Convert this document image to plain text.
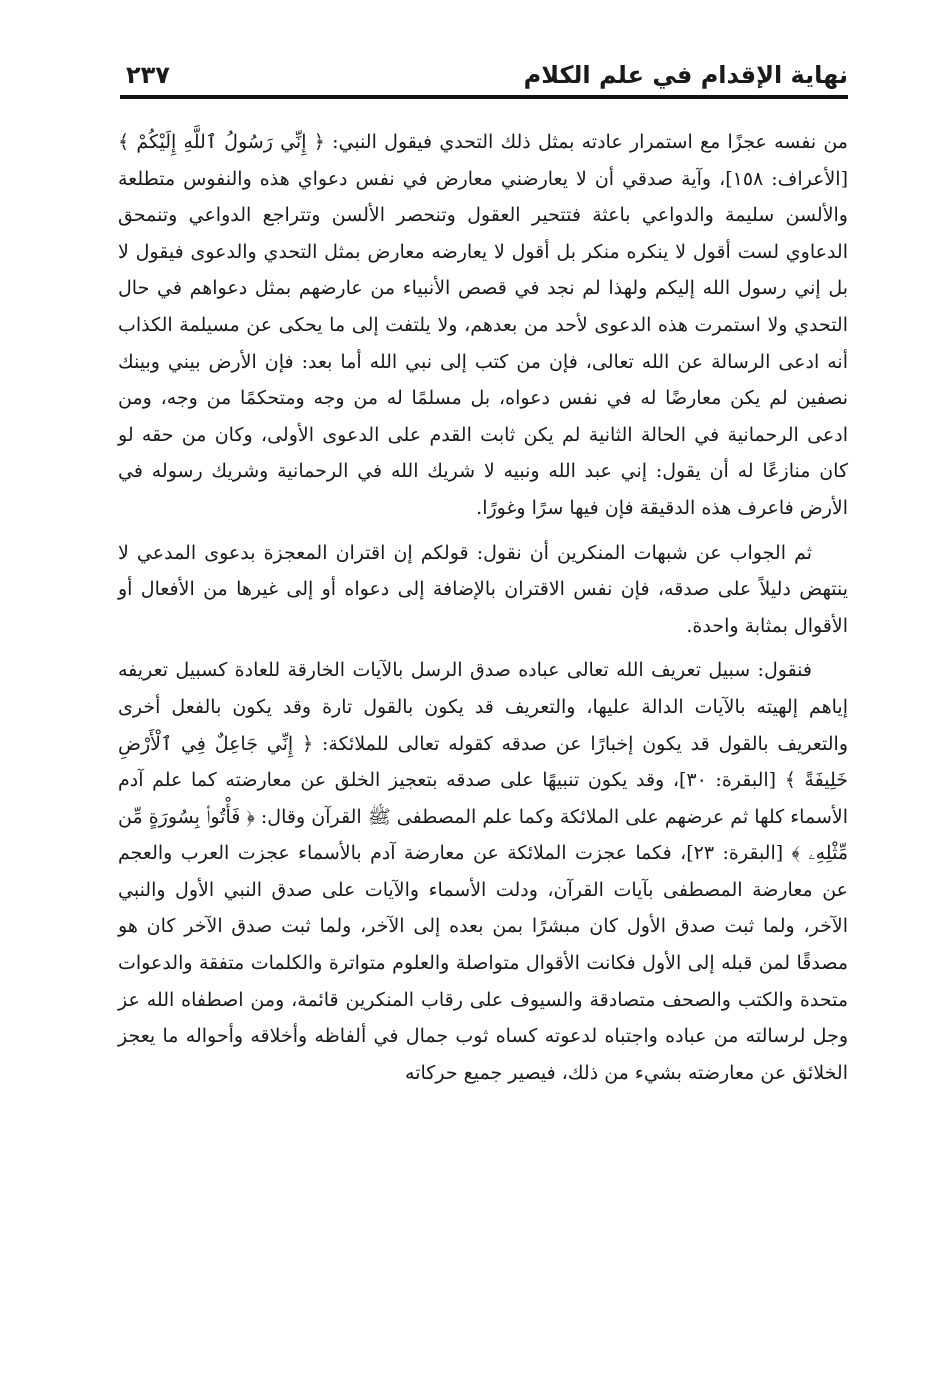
نهاية الإقدام في علم الكلام
٢٣٧

من نفسه عجزًا مع استمرار عادته بمثل ذلك التحدي فيقول النبي: ﴿ إِنِّي رَسُولُ ٱللَّهِ إِلَيْكُمْ ﴾ [الأعراف: ١٥٨]، وآية صدقي أن لا يعارضني معارض في نفس دعواي هذه والنفوس متطلعة والألسن سليمة والدواعي باعثة فتتحير العقول وتنحصر الألسن وتتراجع الدواعي وتنمحق الدعاوي لست أقول لا ينكره منكر بل أقول لا يعارضه معارض بمثل التحدي والدعوى فيقول لا بل إني رسول الله إليكم ولهذا لم نجد في قصص الأنبياء من عارضهم بمثل دعواهم في حال التحدي ولا استمرت هذه الدعوى لأحد من بعدهم، ولا يلتفت إلى ما يحكى عن مسيلمة الكذاب أنه ادعى الرسالة عن الله تعالى، فإن من كتب إلى نبي الله أما بعد: فإن الأرض بيني وبينك نصفين لم يكن معارضًا له في نفس دعواه، بل مسلمًا له من وجه ومتحكمًا من وجه، ومن ادعى الرحمانية في الحالة الثانية لم يكن ثابت القدم على الدعوى الأولى، وكان من حقه لو كان منازعًا له أن يقول: إني عبد الله ونبيه لا شريك الله في الرحمانية وشريك رسوله في الأرض فاعرف هذه الدقيقة فإن فيها سرًا وغورًا.

ثم الجواب عن شبهات المنكرين أن نقول: قولكم إن اقتران المعجزة بدعوى المدعي لا ينتهض دليلاً على صدقه، فإن نفس الاقتران بالإضافة إلى دعواه أو إلى غيرها من الأفعال أو الأقوال بمثابة واحدة.

فنقول: سبيل تعريف الله تعالى عباده صدق الرسل بالآيات الخارقة للعادة كسبيل تعريفه إياهم إلهيته بالآيات الدالة عليها، والتعريف قد يكون بالقول تارة وقد يكون بالفعل أخرى والتعريف بالقول قد يكون إخبارًا عن صدقه كقوله تعالى للملائكة: ﴿ إِنِّي جَاعِلٌ فِي ٱلْأَرْضِ خَلِيفَةً ﴾ [البقرة: ٣٠]، وقد يكون تنبيهًا على صدقه بتعجيز الخلق عن معارضته كما علم آدم الأسماء كلها ثم عرضهم على الملائكة وكما علم المصطفى ﷺ القرآن وقال: ﴿ فَأْتُوا۟ بِسُورَةٍ مِّن مِّثْلِهِۦ ﴾ [البقرة: ٢٣]، فكما عجزت الملائكة عن معارضة آدم بالأسماء عجزت العرب والعجم عن معارضة المصطفى بآيات القرآن، ودلت الأسماء والآيات على صدق النبي الأول والنبي الآخر، ولما ثبت صدق الأول كان مبشرًا بمن بعده إلى الآخر، ولما ثبت صدق الآخر كان هو مصدقًا لمن قبله إلى الأول فكانت الأقوال متواصلة والعلوم متواترة والكلمات متفقة والدعوات متحدة والكتب والصحف متصادقة والسيوف على رقاب المنكرين قائمة، ومن اصطفاه الله عز وجل لرسالته من عباده واجتباه لدعوته كساه ثوب جمال في ألفاظه وأخلاقه وأحواله ما يعجز الخلائق عن معارضته بشيء من ذلك، فيصير جميع حركاته
